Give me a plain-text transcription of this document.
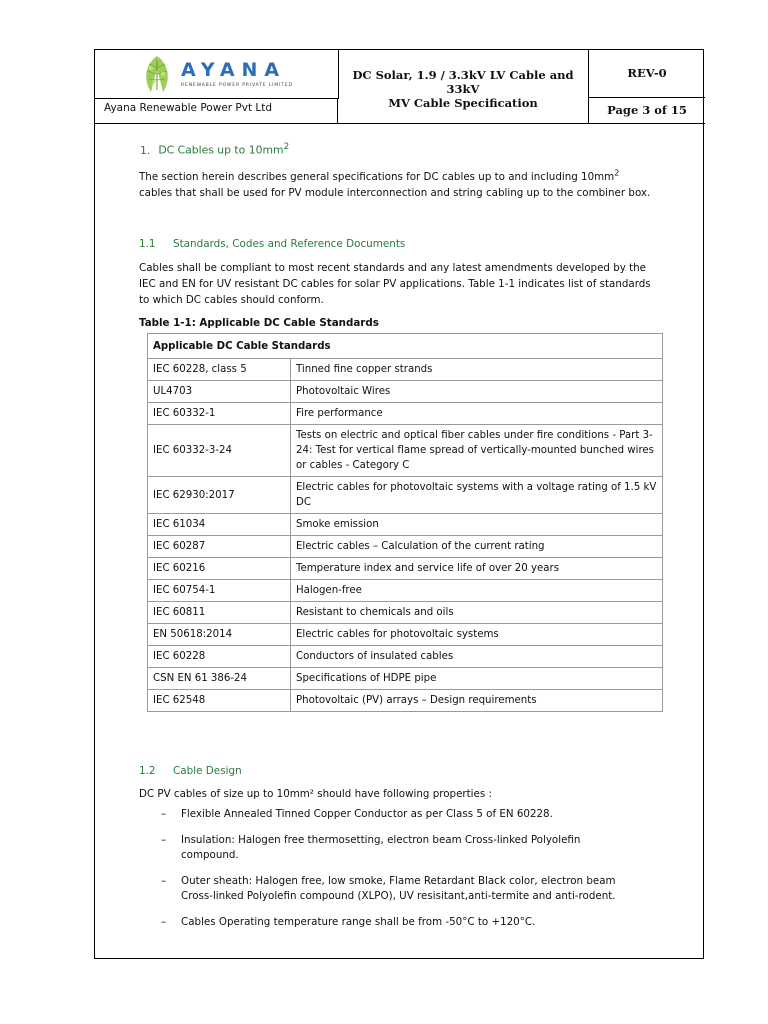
AYANA
RENEWABLE POWER PRIVATE LIMITED
Ayana Renewable Power Pvt Ltd
DC Solar, 1.9 / 3.3kV LV Cable and 33kV
MV Cable Specification
REV-0
Page 3 of 15
1. DC Cables up to $10mm^2$
The section herein describes general specifications for DC cables up to and including $10mm^2$ cables that shall be used for PV module interconnection and string cabling up to the combiner box.
1.1 Standards, Codes and Reference Documents
Cables shall be compliant to most recent standards and any latest amendments developed by the IEC and EN for UV resistant DC cables for solar PV applications. Table 1-1 indicates list of standards to which DC cables should conform.
Table 1-1: Applicable DC Cable Standards
Applicable DC Cable Standards	
IEC 60228, class 5	Tinned fine copper strands
UL4703	Photovoltaic Wires
IEC 60332-1	Fire performance
IEC 60332-3-24	Tests on electric and optical fiber cables under fire conditions - Part 3-24: Test for vertical flame spread of vertically-mounted bunched wires or cables - Category C
IEC 62930:2017	Electric cables for photovoltaic systems with a voltage rating of 1.5 kV DC
IEC 61034	Smoke emission
IEC 60287	Electric cables – Calculation of the current rating
IEC 60216	Temperature index and service life of over 20 years
IEC 60754-1	Halogen-free
IEC 60811	Resistant to chemicals and oils
EN 50618:2014	Electric cables for photovoltaic systems
IEC 60228	Conductors of insulated cables
CSN EN 61 386-24	Specifications of HDPE pipe
IEC 62548	Photovoltaic (PV) arrays – Design requirements
1.2 Cable Design
DC PV cables of size up to 10mm² should have following properties :
– Flexible Annealed Tinned Copper Conductor as per Class 5 of EN 60228.
– Insulation: Halogen free thermosetting, electron beam Cross-linked Polyolefin compound.
– Outer sheath: Halogen free, low smoke, Flame Retardant Black color, electron beam Cross-linked Polyolefin compound (XLPO), UV resisitant,anti-termite and anti-rodent.
– Cables Operating temperature range shall be from -50°C to +120°C.
